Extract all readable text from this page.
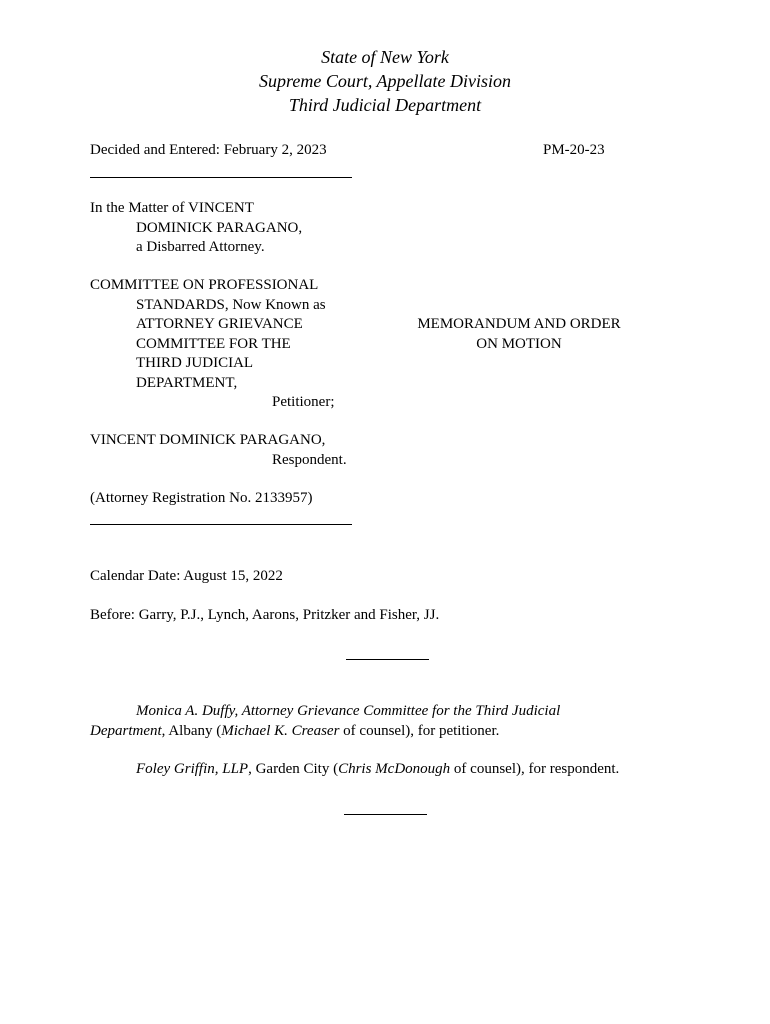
State of New York
Supreme Court, Appellate Division
Third Judicial Department
Decided and Entered: February 2, 2023	PM-20-23
In the Matter of VINCENT
DOMINICK PARAGANO,
a Disbarred Attorney.
COMMITTEE ON PROFESSIONAL
STANDARDS, Now Known as
ATTORNEY GRIEVANCE
COMMITTEE FOR THE
THIRD JUDICIAL
DEPARTMENT,
Petitioner;
MEMORANDUM AND ORDER
ON MOTION
VINCENT DOMINICK PARAGANO,
Respondent.
(Attorney Registration No. 2133957)
Calendar Date: August 15, 2022
Before: Garry, P.J., Lynch, Aarons, Pritzker and Fisher, JJ.
Monica A. Duffy, Attorney Grievance Committee for the Third Judicial
Department, Albany (Michael K. Creaser of counsel), for petitioner.
Foley Griffin, LLP, Garden City (Chris McDonough of counsel), for respondent.
